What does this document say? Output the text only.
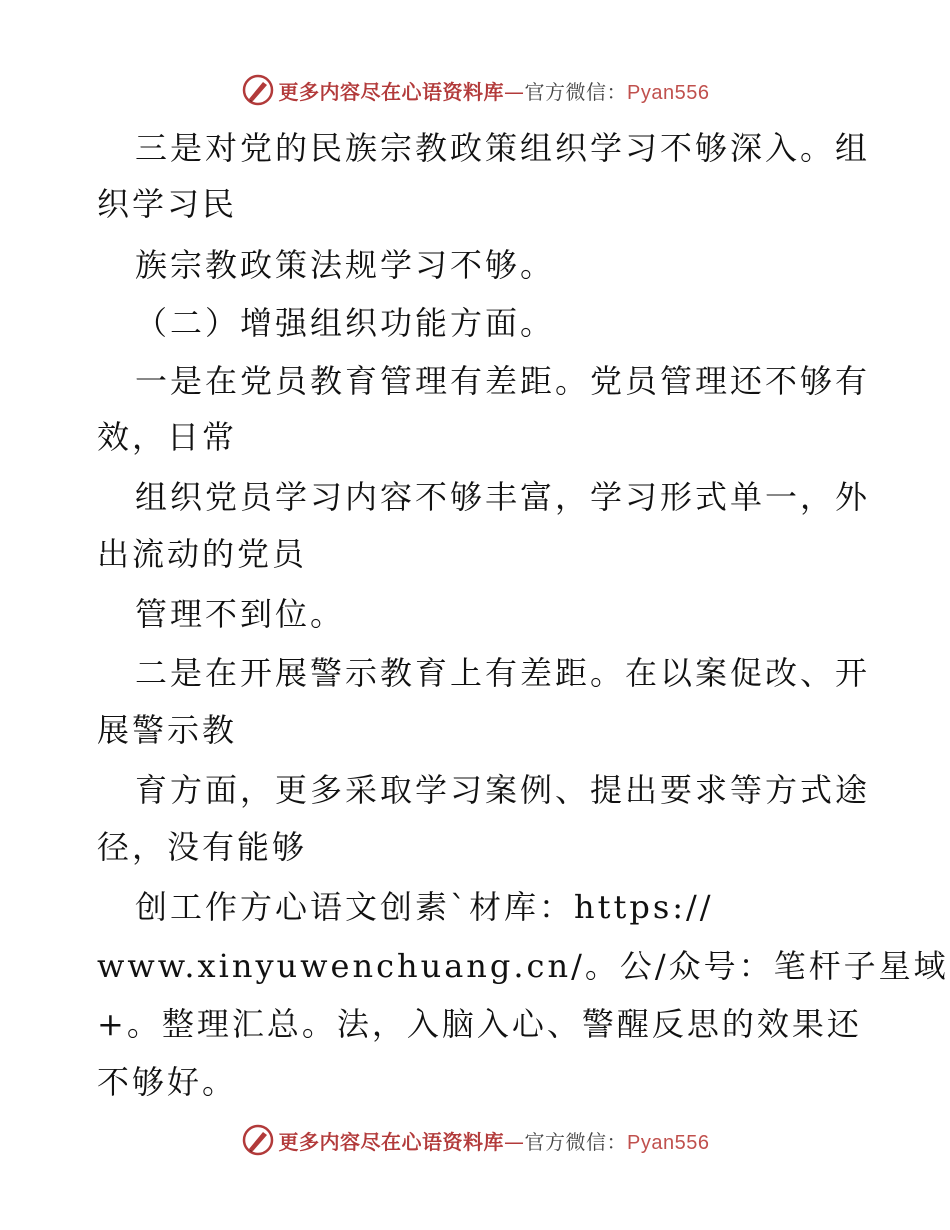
更多内容尽在心语资料库—官方微信：Pyan556
三是对党的民族宗教政策组织学习不够深入。组
织学习民
族宗教政策法规学习不够。
（二）增强组织功能方面。
一是在党员教育管理有差距。党员管理还不够有
效，日常
组织党员学习内容不够丰富，学习形式单一，外
出流动的党员
管理不到位。
二是在开展警示教育上有差距。在以案促改、开
展警示教
育方面，更多采取学习案例、提出要求等方式途
径，没有能够
创工作方心语文创素`材库：https://
www.xinyuwenchuang.cn/。公/众号：笔杆子星域
+。整理汇总。法，入脑入心、警醒反思的效果还
不够好。
更多内容尽在心语资料库—官方微信：Pyan556
